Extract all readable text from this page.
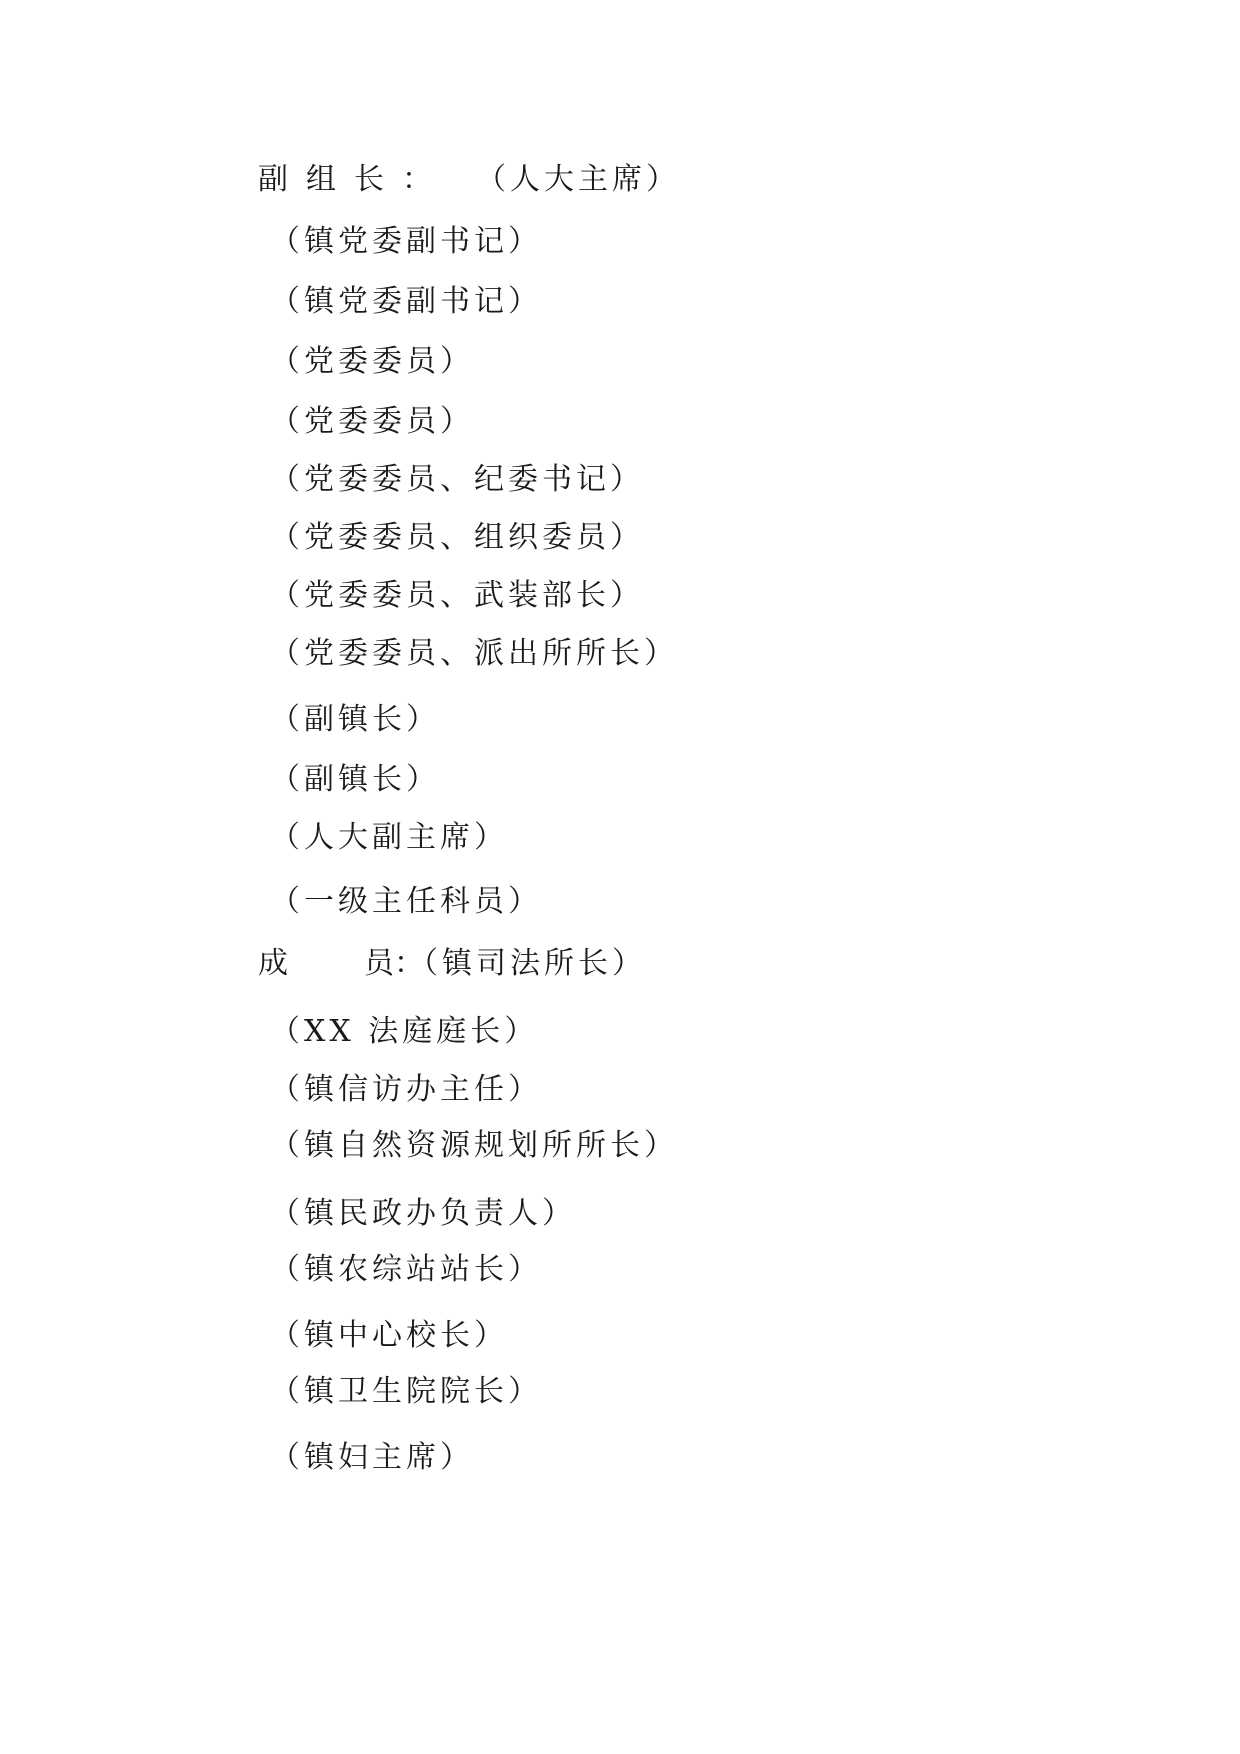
副组长： （人大主席）
（镇党委副书记）
（镇党委副书记）
（党委委员）
（党委委员）
（党委委员、纪委书记）
（党委委员、组织委员）
（党委委员、武装部长）
（党委委员、派出所所长）
（副镇长）
（副镇长）
（人大副主席）
（一级主任科员）
成	员：（镇司法所长）
（XX 法庭庭长）
（镇信访办主任）
（镇自然资源规划所所长）
（镇民政办负责人）
（镇农综站站长）
（镇中心校长）
（镇卫生院院长）
（镇妇主席）
